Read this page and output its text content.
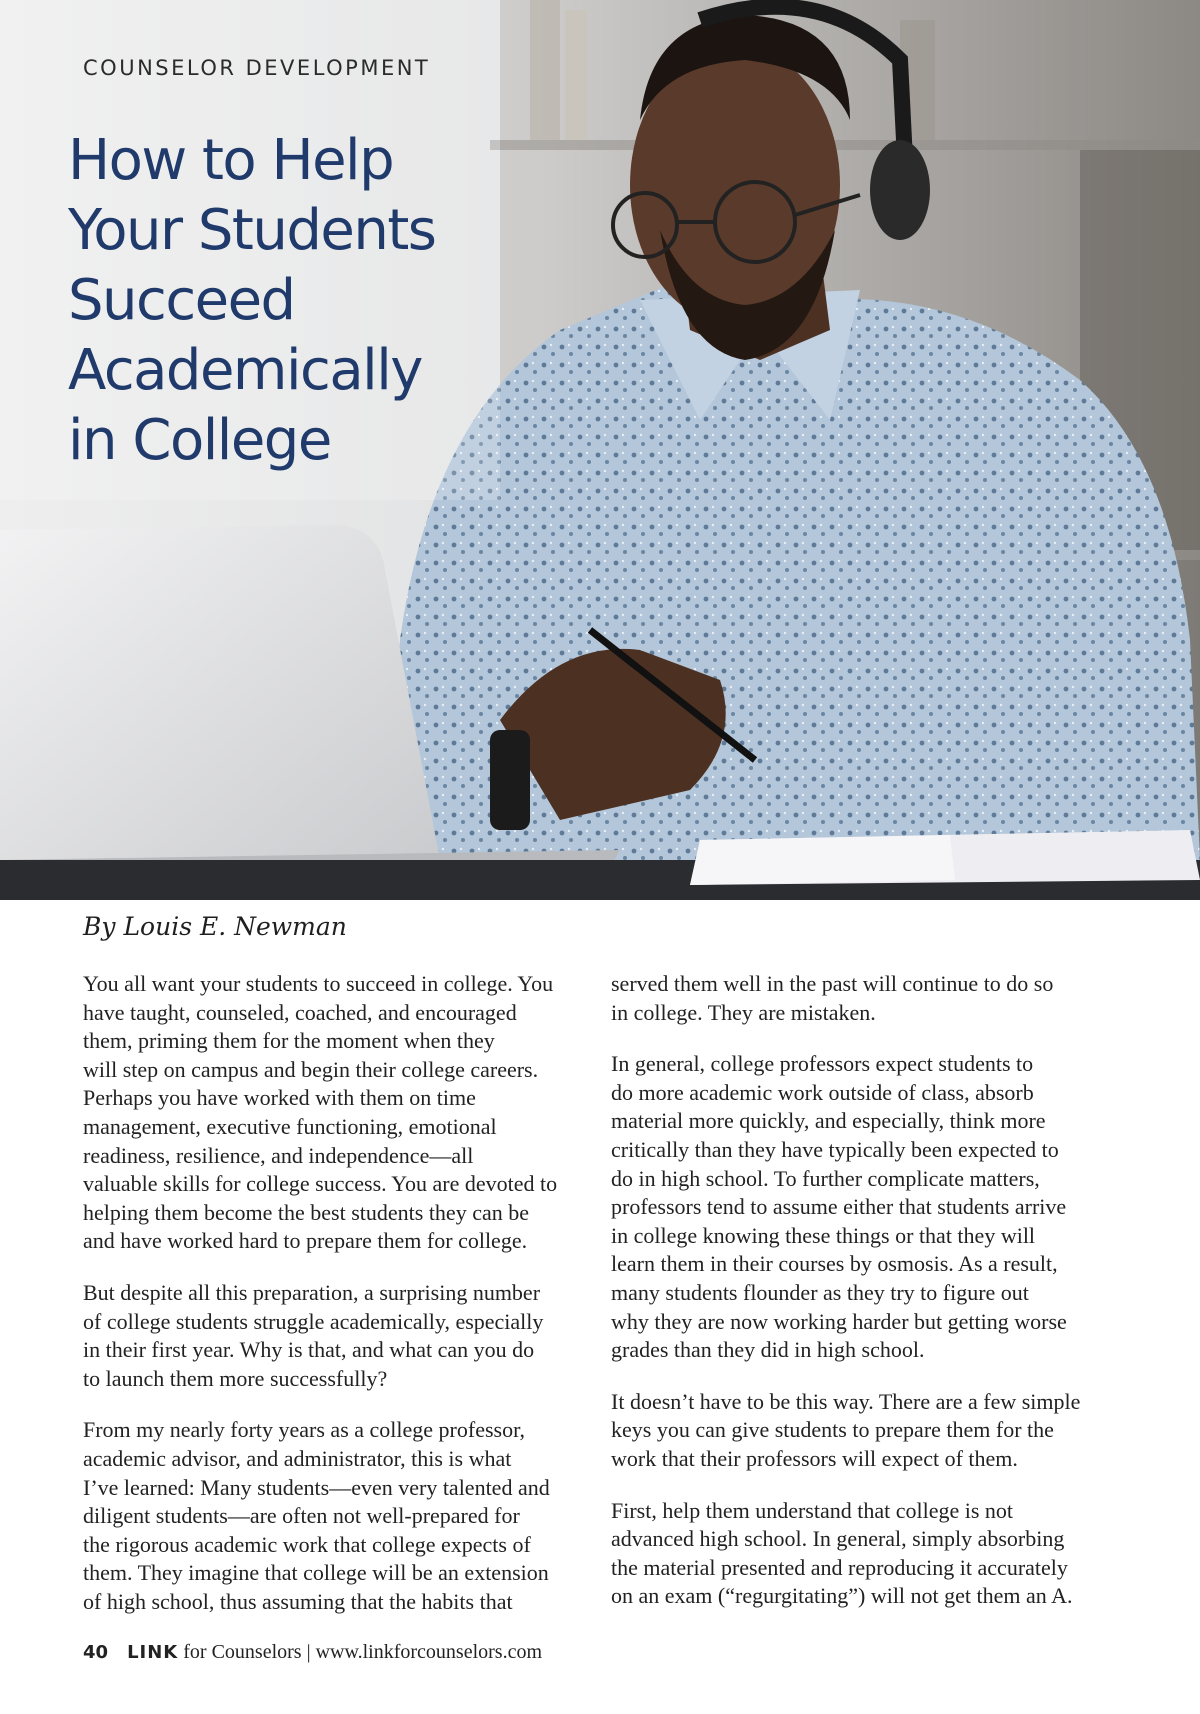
COUNSELOR DEVELOPMENT
How to Help
Your Students
Succeed
Academically
in College
By Louis E. Newman

You all want your students to succeed in college. You
have taught, counseled, coached, and encouraged
them, priming them for the moment when they
will step on campus and begin their college careers.
Perhaps you have worked with them on time
management, executive functioning, emotional
readiness, resilience, and independence—all
valuable skills for college success. You are devoted to
helping them become the best students they can be
and have worked hard to prepare them for college.

But despite all this preparation, a surprising number
of college students struggle academically, especially
in their first year. Why is that, and what can you do
to launch them more successfully?

From my nearly forty years as a college professor,
academic advisor, and administrator, this is what
I’ve learned: Many students—even very talented and
diligent students—are often not well-prepared for
the rigorous academic work that college expects of
them. They imagine that college will be an extension
of high school, thus assuming that the habits that

served them well in the past will continue to do so
in college. They are mistaken.

In general, college professors expect students to
do more academic work outside of class, absorb
material more quickly, and especially, think more
critically than they have typically been expected to
do in high school. To further complicate matters,
professors tend to assume either that students arrive
in college knowing these things or that they will
learn them in their courses by osmosis. As a result,
many students flounder as they try to figure out
why they are now working harder but getting worse
grades than they did in high school.

It doesn’t have to be this way. There are a few simple
keys you can give students to prepare them for the
work that their professors will expect of them.

First, help them understand that college is not
advanced high school. In general, simply absorbing
the material presented and reproducing it accurately
on an exam (“regurgitating”) will not get them an A.

40 LINK for Counselors | www.linkforcounselors.com
